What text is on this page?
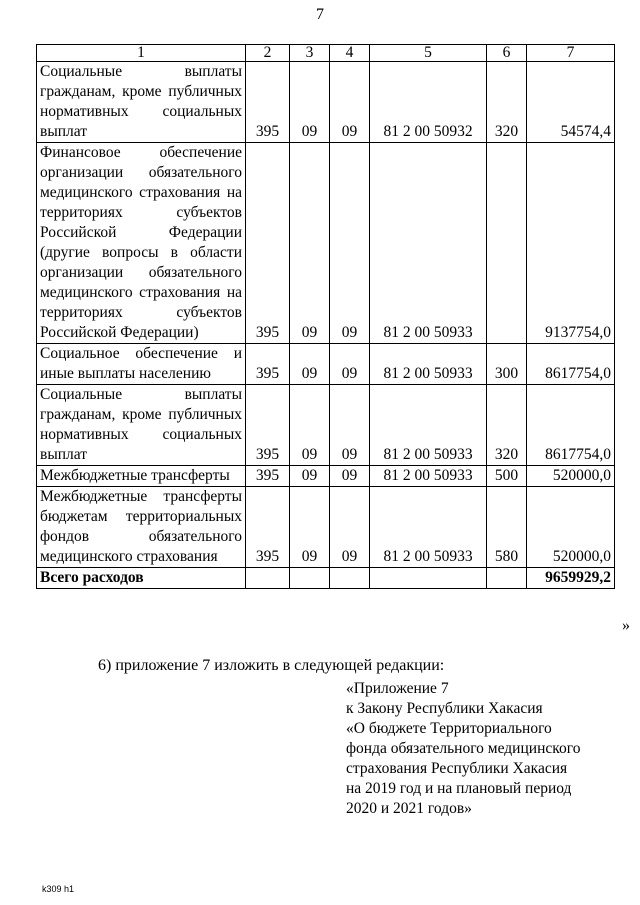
7
1	2	3	4	5	6	7
Социальные выплаты гражданам, кроме публичных нормативных социальных выплат	395	09	09	81 2 00 50932	320	54574,4
Финансовое обеспечение организации обязательного медицинского страхования на территориях субъектов Российской Федерации (другие вопросы в области организации обязательного медицинского страхования на территориях субъектов Российской Федерации)	395	09	09	81 2 00 50933		9137754,0
Социальное обеспечение и иные выплаты населению	395	09	09	81 2 00 50933	300	8617754,0
Социальные выплаты гражданам, кроме публичных нормативных социальных выплат	395	09	09	81 2 00 50933	320	8617754,0
Межбюджетные трансферты	395	09	09	81 2 00 50933	500	520000,0
Межбюджетные трансферты бюджетам территориальных фондов обязательного медицинского страхования	395	09	09	81 2 00 50933	580	520000,0
Всего расходов						9659929,2
»
6) приложение 7 изложить в следующей редакции:
«Приложение 7
к Закону Республики Хакасия
«О бюджете Территориального
фонда обязательного медицинского
страхования Республики Хакасия
на 2019 год и на плановый период
2020 и 2021 годов»
k309 h1
